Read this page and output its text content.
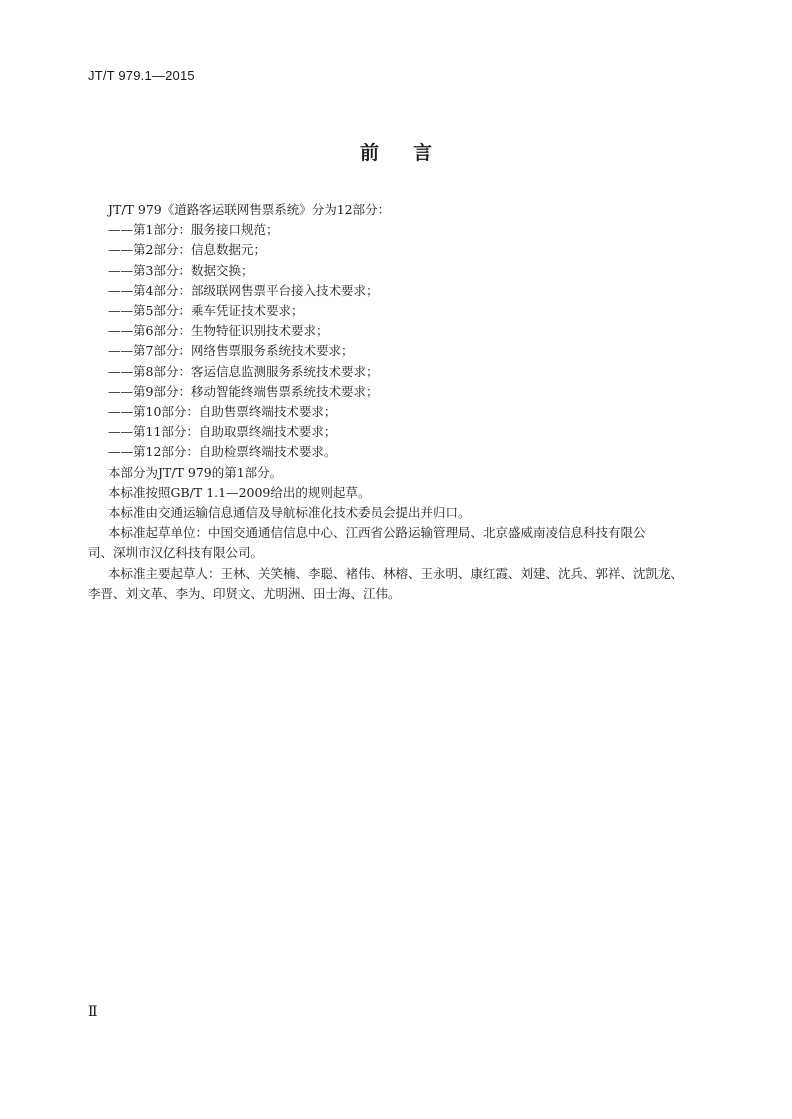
JT/T 979.1—2015
前 言
JT/T 979《道路客运联网售票系统》分为12部分：
——第1部分：服务接口规范；
——第2部分：信息数据元；
——第3部分：数据交换；
——第4部分：部级联网售票平台接入技术要求；
——第5部分：乘车凭证技术要求；
——第6部分：生物特征识别技术要求；
——第7部分：网络售票服务系统技术要求；
——第8部分：客运信息监测服务系统技术要求；
——第9部分：移动智能终端售票系统技术要求；
——第10部分：自助售票终端技术要求；
——第11部分：自助取票终端技术要求；
——第12部分：自助检票终端技术要求。
本部分为JT/T 979的第1部分。
本标准按照GB/T 1.1—2009给出的规则起草。
本标准由交通运输信息通信及导航标准化技术委员会提出并归口。
本标准起草单位：中国交通通信信息中心、江西省公路运输管理局、北京盛威南凌信息科技有限公
司、深圳市汉亿科技有限公司。
本标准主要起草人：王林、关笑楠、李聪、褚伟、林榕、王永明、康红霞、刘建、沈兵、郭祥、沈凯龙、
李晋、刘文革、李为、印贤文、尤明洲、田士海、江伟。
Ⅱ
